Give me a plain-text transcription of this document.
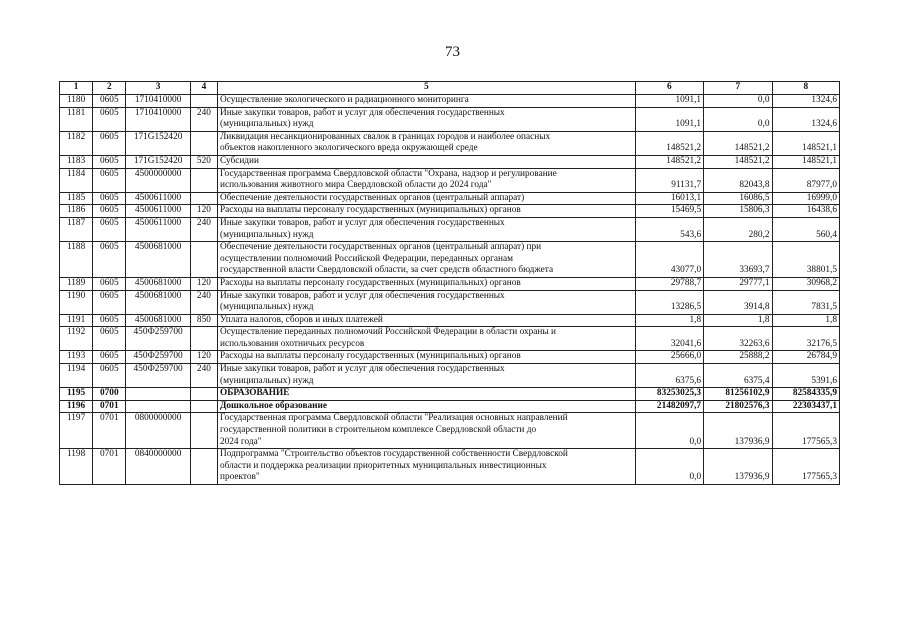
73
1	2	3	4	5	6	7	8
1180	0605	1710410000		Осуществление экологического и радиационного мониторинга	1091,1	0,0	1324,6
1181	0605	1710410000	240	Иные закупки товаров, работ и услуг для обеспечения государственных
(муниципальных) нужд	1091,1	0,0	1324,6
1182	0605	171G152420		Ликвидация несанкционированных свалок в границах городов и наиболее опасных
объектов накопленного экологического вреда окружающей среде	148521,2	148521,2	148521,1
1183	0605	171G152420	520	Субсидии	148521,2	148521,2	148521,1
1184	0605	4500000000		Государственная программа Свердловской области "Охрана, надзор и регулирование
использования животного мира Свердловской области до 2024 года"	91131,7	82043,8	87977,0
1185	0605	4500611000		Обеспечение деятельности государственных органов (центральный аппарат)	16013,1	16086,5	16999,0
1186	0605	4500611000	120	Расходы на выплаты персоналу государственных (муниципальных) органов	15469,5	15806,3	16438,6
1187	0605	4500611000	240	Иные закупки товаров, работ и услуг для обеспечения государственных
(муниципальных) нужд	543,6	280,2	560,4
1188	0605	4500681000		Обеспечение деятельности государственных органов (центральный аппарат) при
осуществлении полномочий Российской Федерации, переданных органам
государственной власти Свердловской области, за счет средств областного бюджета	43077,0	33693,7	38801,5
1189	0605	4500681000	120	Расходы на выплаты персоналу государственных (муниципальных) органов	29788,7	29777,1	30968,2
1190	0605	4500681000	240	Иные закупки товаров, работ и услуг для обеспечения государственных
(муниципальных) нужд	13286,5	3914,8	7831,5
1191	0605	4500681000	850	Уплата налогов, сборов и иных платежей	1,8	1,8	1,8
1192	0605	450Ф259700		Осуществление переданных полномочий Российской Федерации в области охраны и
использования охотничьих ресурсов	32041,6	32263,6	32176,5
1193	0605	450Ф259700	120	Расходы на выплаты персоналу государственных (муниципальных) органов	25666,0	25888,2	26784,9
1194	0605	450Ф259700	240	Иные закупки товаров, работ и услуг для обеспечения государственных
(муниципальных) нужд	6375,6	6375,4	5391,6
1195	0700			ОБРАЗОВАНИЕ	83253025,3	81256102,9	82584335,9
1196	0701			Дошкольное образование	21482097,7	21802576,3	22303437,1
1197	0701	0800000000		Государственная программа Свердловской области "Реализация основных направлений
государственной политики в строительном комплексе Свердловской области до
2024 года"	0,0	137936,9	177565,3
1198	0701	0840000000		Подпрограмма "Строительство объектов государственной собственности Свердловской
области и поддержка реализации приоритетных муниципальных инвестиционных
проектов"	0,0	137936,9	177565,3
